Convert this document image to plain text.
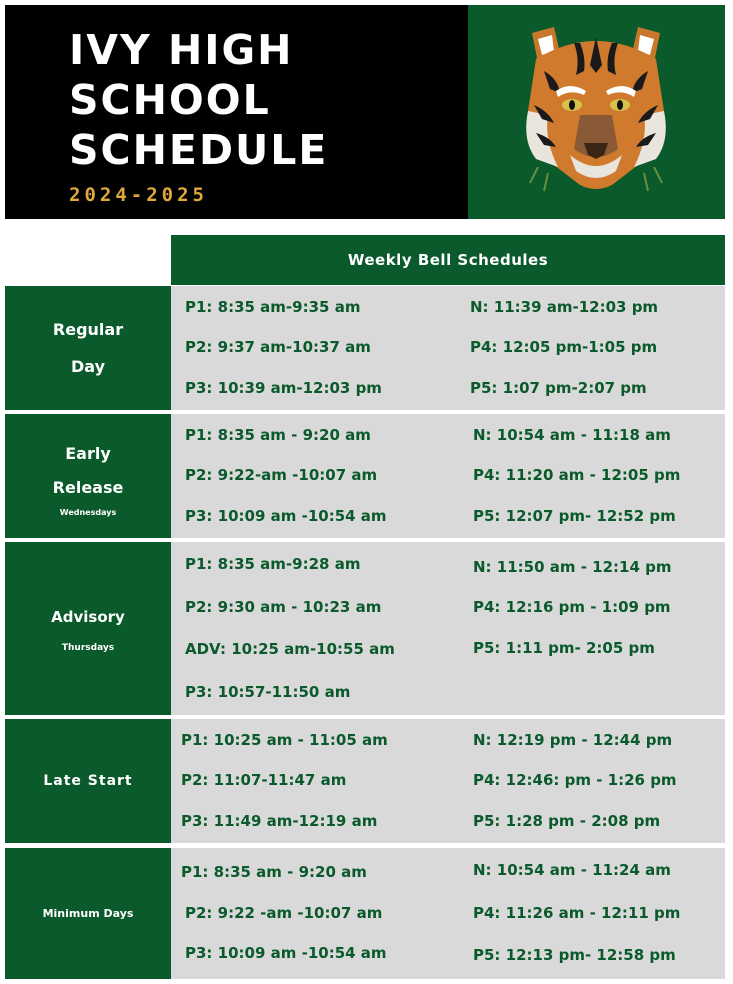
IVY HIGH
SCHOOL
SCHEDULE
2024-2025
Weekly Bell Schedules
Regular
Day
P1: 8:35 am-9:35 am
P2: 9:37 am-10:37 am
P3: 10:39 am-12:03 pm
N: 11:39 am-12:03 pm
P4: 12:05 pm-1:05 pm
P5: 1:07 pm-2:07 pm
Early
Release
Wednesdays
P1: 8:35 am - 9:20 am
P2: 9:22-am -10:07 am
P3: 10:09 am -10:54 am
N: 10:54 am - 11:18 am
P4: 11:20 am - 12:05 pm
P5: 12:07 pm- 12:52 pm
Advisory
Thursdays
P1: 8:35 am-9:28 am
P2: 9:30 am - 10:23 am
ADV: 10:25 am-10:55 am
P3: 10:57-11:50 am
N: 11:50 am - 12:14 pm
P4: 12:16 pm - 1:09 pm
P5: 1:11 pm- 2:05 pm
Late Start
P1: 10:25 am - 11:05 am
P2: 11:07-11:47 am
P3: 11:49 am-12:19 am
N: 12:19 pm - 12:44 pm
P4: 12:46: pm - 1:26 pm
P5: 1:28 pm - 2:08 pm
Minimum Days
P1: 8:35 am - 9:20 am
P2: 9:22 -am -10:07 am
P3: 10:09 am -10:54 am
N: 10:54 am - 11:24 am
P4: 11:26 am - 12:11 pm
P5: 12:13 pm- 12:58 pm
